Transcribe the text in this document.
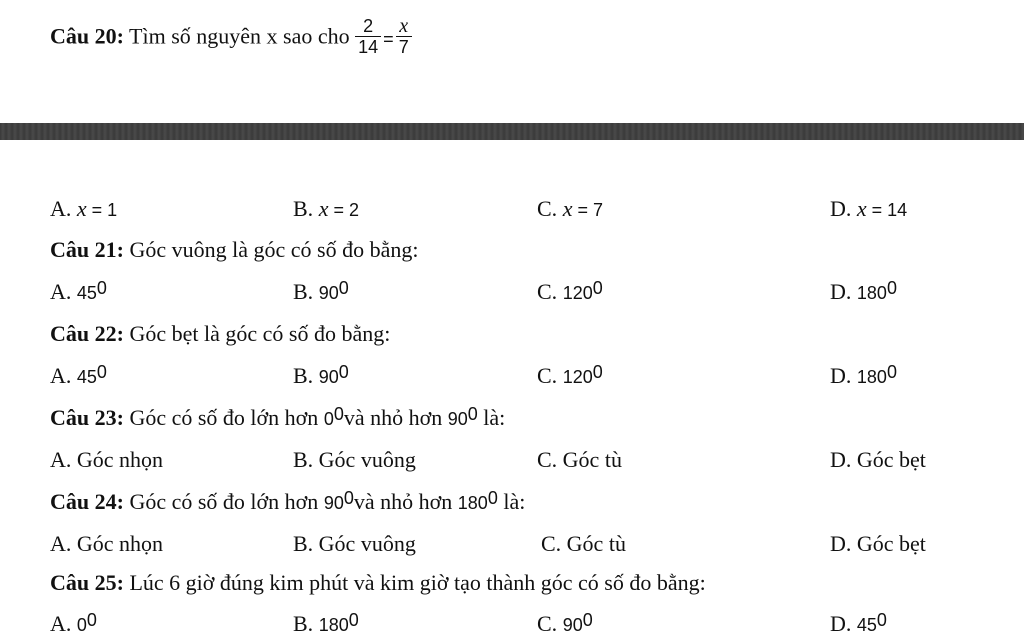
Câu 20: Tìm số nguyên x sao cho $\frac{2}{14} = \frac{x}{7}$
A. x = 1	B. x = 2	C. x = 7	D. x = 14
Câu 21: Góc vuông là góc có số đo bằng:
A. $45^0$	B. $90^0$	C. $120^0$	D. $180^0$
Câu 22: Góc bẹt là góc có số đo bằng:
A. $45^0$	B. $90^0$	C. $120^0$	D. $180^0$
Câu 23: Góc có số đo lớn hơn $0^0và$ nhỏ hơn $90^0$ là:
A. Góc nhọn	B. Góc vuông	C. Góc tù	D. Góc bẹt
Câu 24: Góc có số đo lớn hơn $90^0và$ nhỏ hơn $180^0$ là:
A. Góc nhọn	B. Góc vuông	C. Góc tù	D. Góc bẹt
Câu 25: Lúc 6 giờ đúng kim phút và kim giờ tạo thành góc có số đo bằng:
A. $0^0$	B. $180^0$	C. $90^0$	D. $45^0$
